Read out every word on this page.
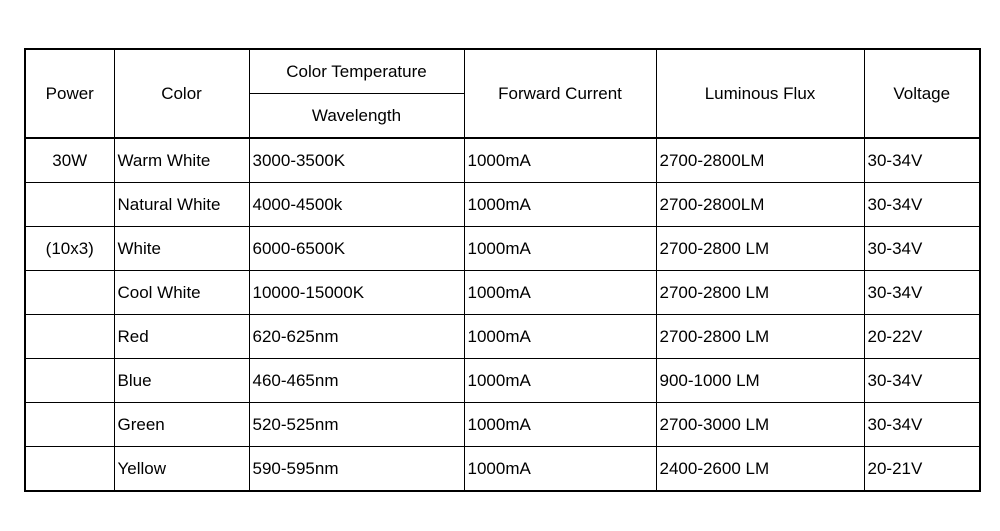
Power	Color	Color Temperature	Forward Current	Luminous Flux	Voltage
		Wavelength			
30W	Warm White	3000-3500K	1000mA	2700-2800LM	30-34V
	Natural White	4000-4500k	1000mA	2700-2800LM	30-34V
(10x3)	White	6000-6500K	1000mA	2700-2800 LM	30-34V
	Cool White	10000-15000K	1000mA	2700-2800 LM	30-34V
	Red	620-625nm	1000mA	2700-2800 LM	20-22V
	Blue	460-465nm	1000mA	900-1000 LM	30-34V
	Green	520-525nm	1000mA	2700-3000 LM	30-34V
	Yellow	590-595nm	1000mA	2400-2600 LM	20-21V
